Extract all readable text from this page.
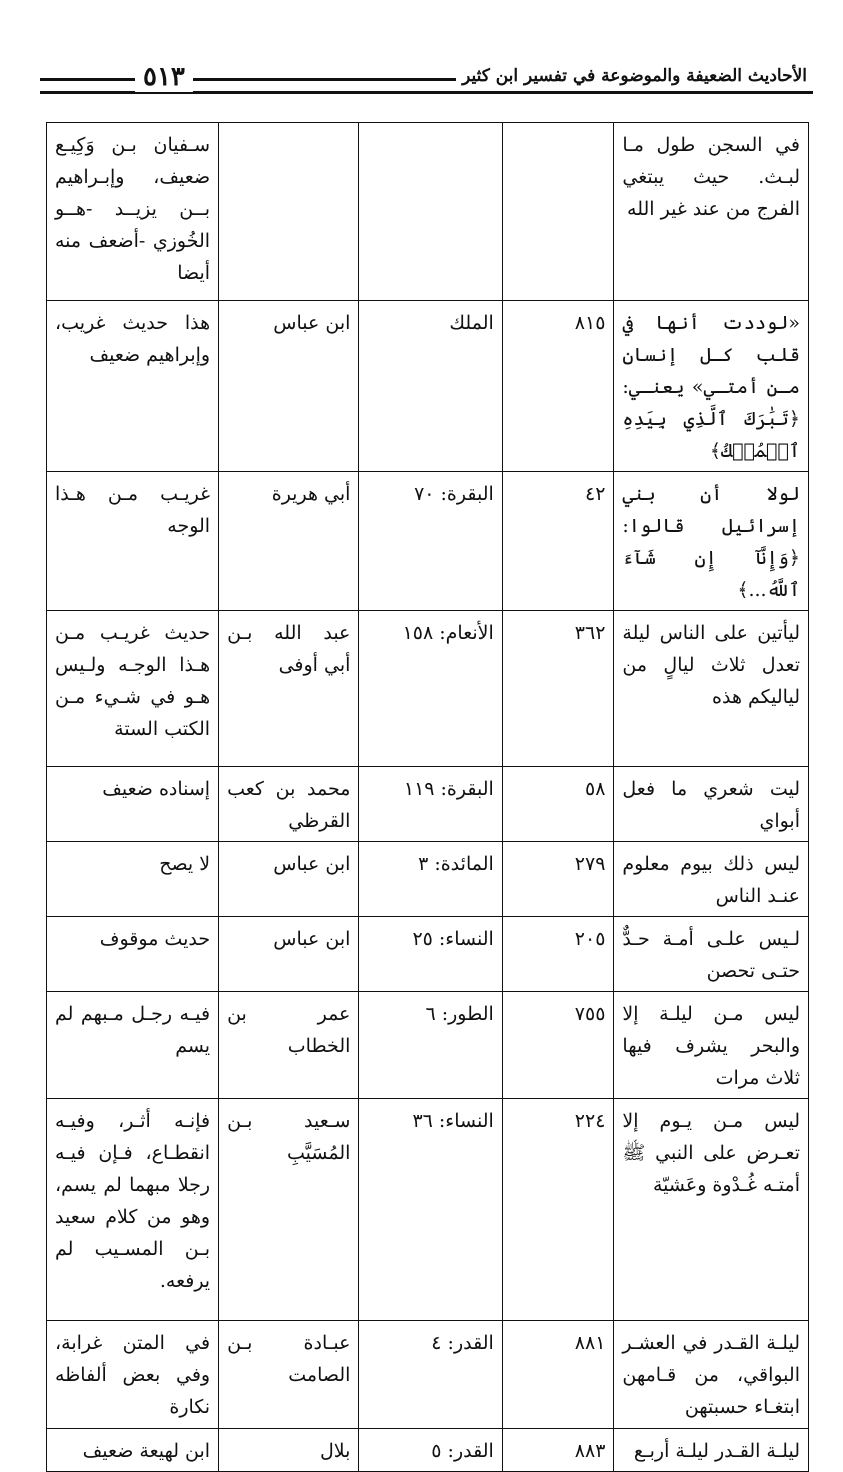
الأحاديث الضعيفة والموضوعة في تفسير ابن كثير
٥١٣
في السجن طول مـا لبـث. حيث يبتغي الفرج من عند غير الله				سـفيان بـن وَكِيـع ضعيف، وإبـراهيم بــن يزيــد -هــو الخُوزي -أضعف منه أيضا
«لوددت أنها في قلب كـل إنسان مـن أمتـي» يعنـي: ﴿تَبَٰرَكَ ٱلَّذِي بِيَدِهِ ٱلۡمُلۡكُ﴾	٨١٥	الملك	ابن عباس	هذا حديث غريب، وإبراهيم ضعيف
لولا أن بني إسرائيل قالوا: ﴿وَإِنَّآ إِن شَآءَ ٱللَّهُ...﴾	٤٢	البقرة: ٧٠	أبي هريرة	غريـب مـن هـذا الوجه
ليأتين على الناس ليلة تعدل ثلاث ليالٍ من لياليكم هذه	٣٦٢	الأنعام: ١٥٨	عبد الله بـن أبي أوفى	حديث غريـب مـن هـذا الوجـه ولـيس هـو في شـيء مـن الكتب الستة
ليت شعري ما فعل أبواي	٥٨	البقرة: ١١٩	محمد بن كعب القرظي	إسناده ضعيف
ليس ذلك بيوم معلوم عنـد الناس	٢٧٩	المائدة: ٣	ابن عباس	لا يصح
لـيس علـى أمـة حـدٌّ حتـى تحصن	٢٠٥	النساء: ٢٥	ابن عباس	حديث موقوف
ليس مـن ليلـة إلا والبحر يشرف فيها ثلاث مرات	٧٥٥	الطور: ٦	عمر بن الخطاب	فيـه رجـل مـبهم لم يسم
ليس مـن يـوم إلا تعـرض على النبي ﷺ أمتـه غُـدْوة وعَشيّة	٢٢٤	النساء: ٣٦	سـعيد بـن المُسَيَّبِ	فإنـه أثـر، وفيـه انقطـاع، فـإن فيـه رجلا مبهما لم يسم، وهو من كلام سعيد بـن المسـيب لم يرفعه.
ليلـة القـدر في العشـر البواقي، من قـامهن ابتغـاء حسبتهن	٨٨١	القدر: ٤	عبـادة بـن الصامت	في المتن غرابة، وفي بعض ألفاظه نكارة
ليلـة القـدر ليلـة أربـع	٨٨٣	القدر: ٥	بلال	ابن لهيعة ضعيف
